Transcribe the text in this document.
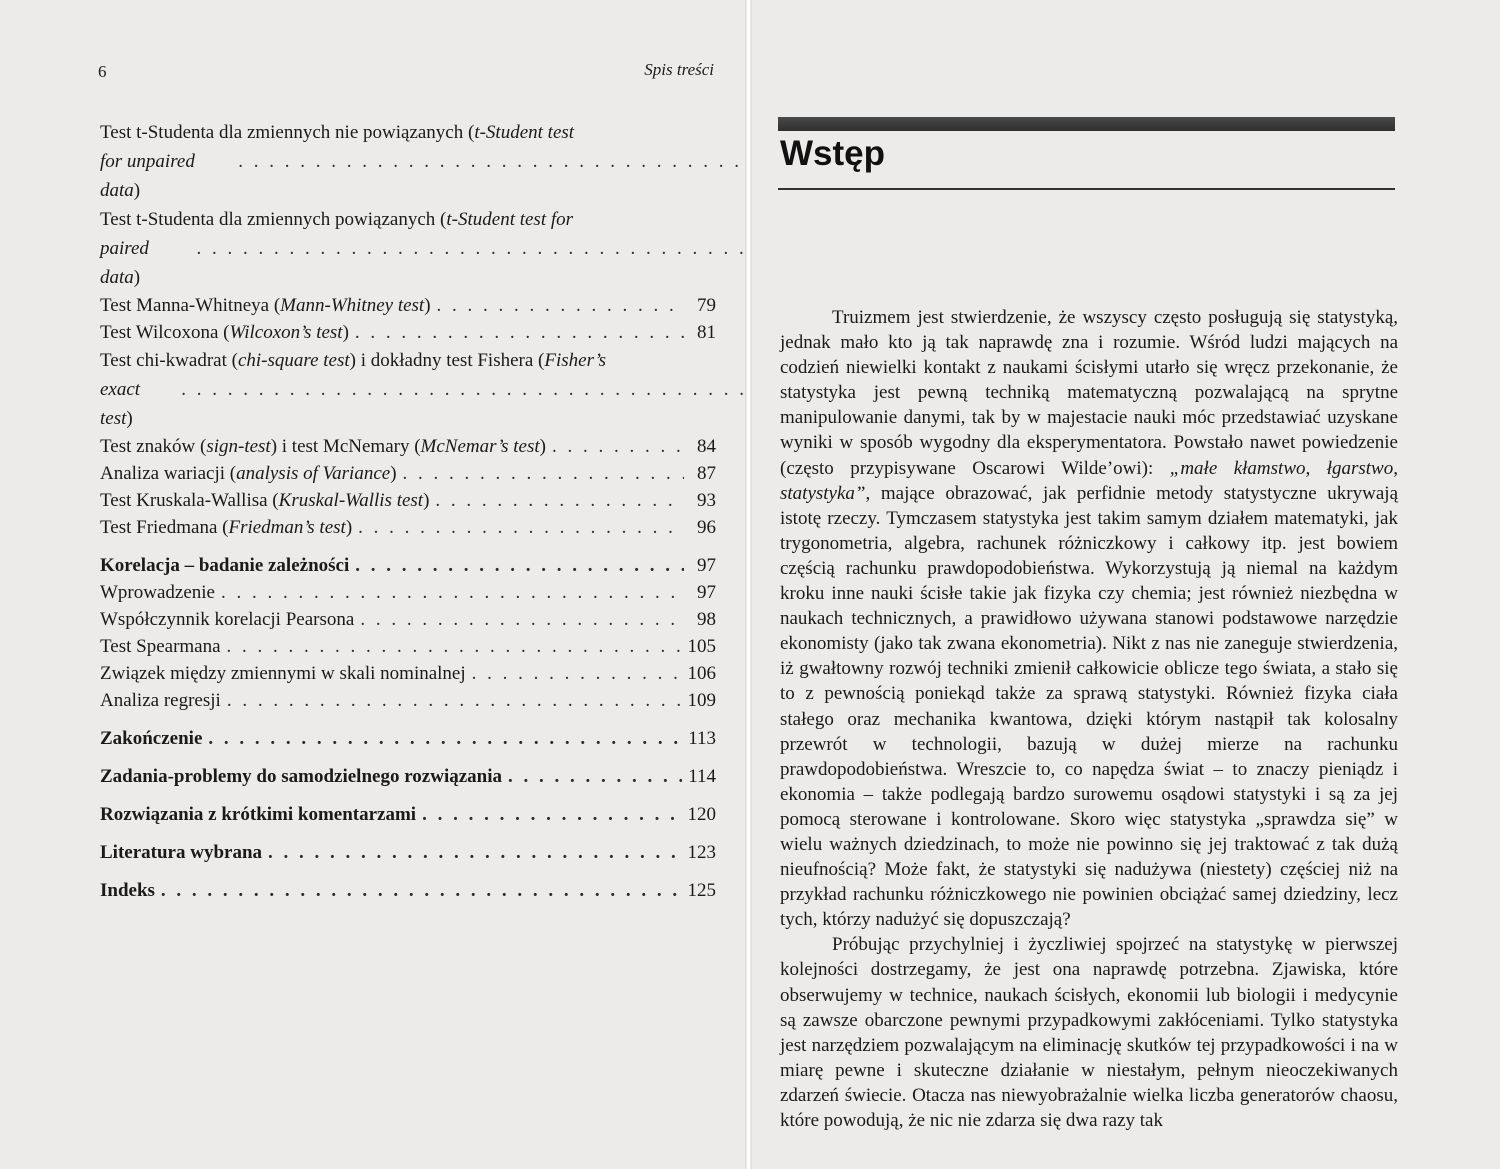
6	Spis treści
Test t-Studenta dla zmiennych nie powiązanych (t-Student test
for unpaired data)
. . .
Test t-Studenta dla zmiennych powiązanych (t-Student test for
paired data)
. . .
Test Manna-Whitneya ( Mann-Whitney test ) . . .	79
Test Wilcoxona ( Wilcoxon’s test ) . . .	81
Test chi-kwadrat (chi-square test) i dokładny test Fishera (Fisher’s
exact test)
. . .
Test znaków ( sign-test ) i test McNemary ( McNemar’s test ) . . .	84
Analiza wariacji ( analysis of Variance ) . . .	87
Test Kruskala-Wallisa ( Kruskal-Wallis test ) . . .	93
Test Friedmana ( Friedman’s test ) . . .	96
Korelacja – badanie zależności . . .	97
Wprowadzenie . . .	97
Współczynnik korelacji Pearsona . . .	98
Test Spearmana . . .	105
Związek między zmiennymi w skali nominalnej . . .	106
Analiza regresji . . .	109
Zakończenie . . .	113
Zadania-problemy do samodzielnego rozwiązania . . .	114
Rozwiązania z krótkimi komentarzami . . .	120
Literatura wybrana . . .	123
Indeks . . .	125
Wstęp

Truizmem jest stwierdzenie, że wszyscy często posługują się statystyką, jednak mało kto ją tak naprawdę zna i rozumie. Wśród ludzi mających na codzień niewielki kontakt z naukami ścisłymi utarło się wręcz przekonanie, że statystyka jest pewną techniką matematyczną pozwalającą na sprytne manipulowanie danymi, tak by w majestacie nauki móc przedstawiać uzyskane wyniki w sposób wygodny dla eksperymentatora. Powstało nawet powiedzenie (często przypisywane Oscarowi Wilde’owi): „małe kłamstwo, łgarstwo, statystyka”, mające obrazować, jak perfidnie metody statystyczne ukrywają istotę rzeczy. Tymczasem statystyka jest takim samym działem matematyki, jak trygonometria, algebra, rachunek różniczkowy i całkowy itp. jest bowiem częścią rachunku prawdopodobieństwa. Wykorzystują ją niemal na każdym kroku inne nauki ścisłe takie jak fizyka czy chemia; jest również niezbędna w naukach technicznych, a prawidłowo używana stanowi podstawowe narzędzie ekonomisty (jako tak zwana ekonometria). Nikt z nas nie zaneguje stwierdzenia, iż gwałtowny rozwój techniki zmienił całkowicie oblicze tego świata, a stało się to z pewnością poniekąd także za sprawą statystyki. Również fizyka ciała stałego oraz mechanika kwantowa, dzięki którym nastąpił tak kolosalny przewrót w technologii, bazują w dużej mierze na rachunku prawdopodobieństwa. Wreszcie to, co napędza świat – to znaczy pieniądz i ekonomia – także podlegają bardzo surowemu osądowi statystyki i są za jej pomocą sterowane i kontrolowane. Skoro więc statystyka „sprawdza się” w wielu ważnych dziedzinach, to może nie powinno się jej traktować z tak dużą nieufnością? Może fakt, że statystyki się nadużywa (niestety) częściej niż na przykład rachunku różniczkowego nie powinien obciążać samej dziedziny, lecz tych, którzy nadużyć się dopuszczają?

Próbując przychylniej i życzliwiej spojrzeć na statystykę w pierwszej kolejności dostrzegamy, że jest ona naprawdę potrzebna. Zjawiska, które obserwujemy w technice, naukach ścisłych, ekonomii lub biologii i medycynie są zawsze obarczone pewnymi przypadkowymi zakłóceniami. Tylko statystyka jest narzędziem pozwalającym na eliminację skutków tej przypadkowości i na w miarę pewne i skuteczne działanie w niestałym, pełnym nieoczekiwanych zdarzeń świecie. Otacza nas niewyobrażalnie wielka liczba generatorów chaosu, które powodują, że nic nie zdarza się dwa razy tak
